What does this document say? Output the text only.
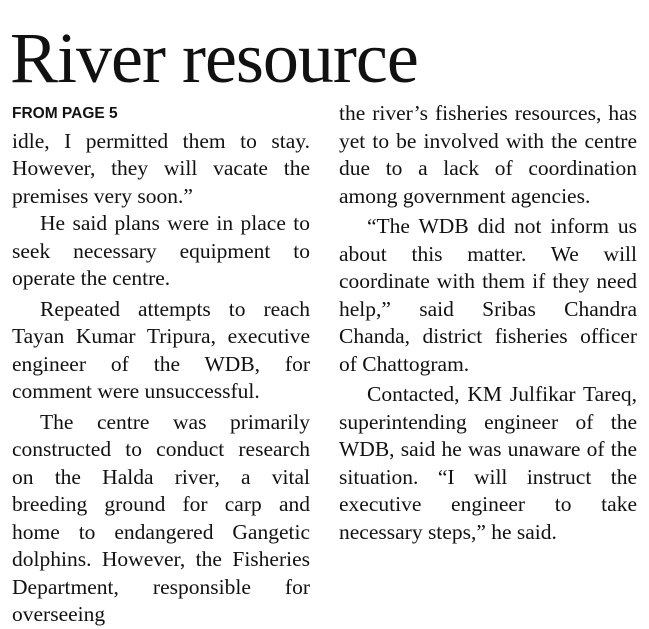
River resource
FROM PAGE 5

idle, I permitted them to stay. However, they will vacate the premises very soon.”

He said plans were in place to seek necessary equipment to operate the centre.

Repeated attempts to reach Tayan Kumar Tripura, executive engineer of the WDB, for comment were unsuccessful.

The centre was primarily constructed to conduct research on the Halda river, a vital breeding ground for carp and home to endangered Gangetic dolphins. However, the Fisheries Department, responsible for overseeing

the river’s fisheries resources, has yet to be involved with the centre due to a lack of coordination among government agencies.

“The WDB did not inform us about this matter. We will coordinate with them if they need help,” said Sribas Chandra Chanda, district fisheries officer of Chattogram.

Contacted, KM Julfikar Tareq, superintending engineer of the WDB, said he was unaware of the situation. “I will instruct the executive engineer to take necessary steps,” he said.
